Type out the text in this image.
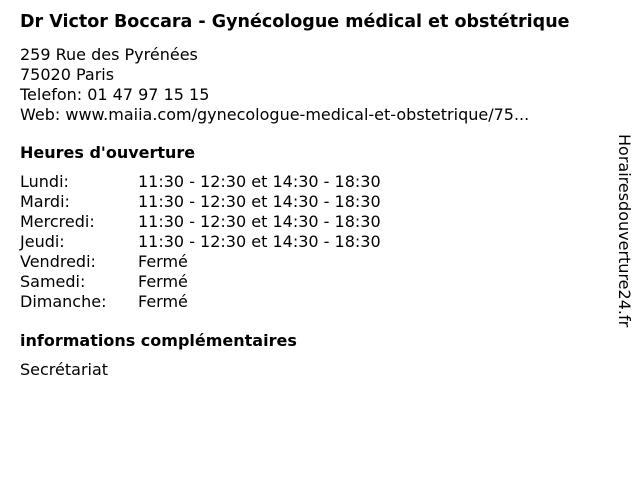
Dr Victor Boccara - Gynécologue médical et obstétrique
259 Rue des Pyrénées
75020 Paris
Telefon: 01 47 97 15 15
Web: www.maiia.com/gynecologue-medical-et-obstetrique/75...
Heures d'ouverture
Lundi:	11:30 - 12:30 et 14:30 - 18:30
Mardi:	11:30 - 12:30 et 14:30 - 18:30
Mercredi:	11:30 - 12:30 et 14:30 - 18:30
Jeudi:	11:30 - 12:30 et 14:30 - 18:30
Vendredi:	Fermé
Samedi:	Fermé
Dimanche:	Fermé
informations complémentaires
Secrétariat
Horairesdouverture24.fr
